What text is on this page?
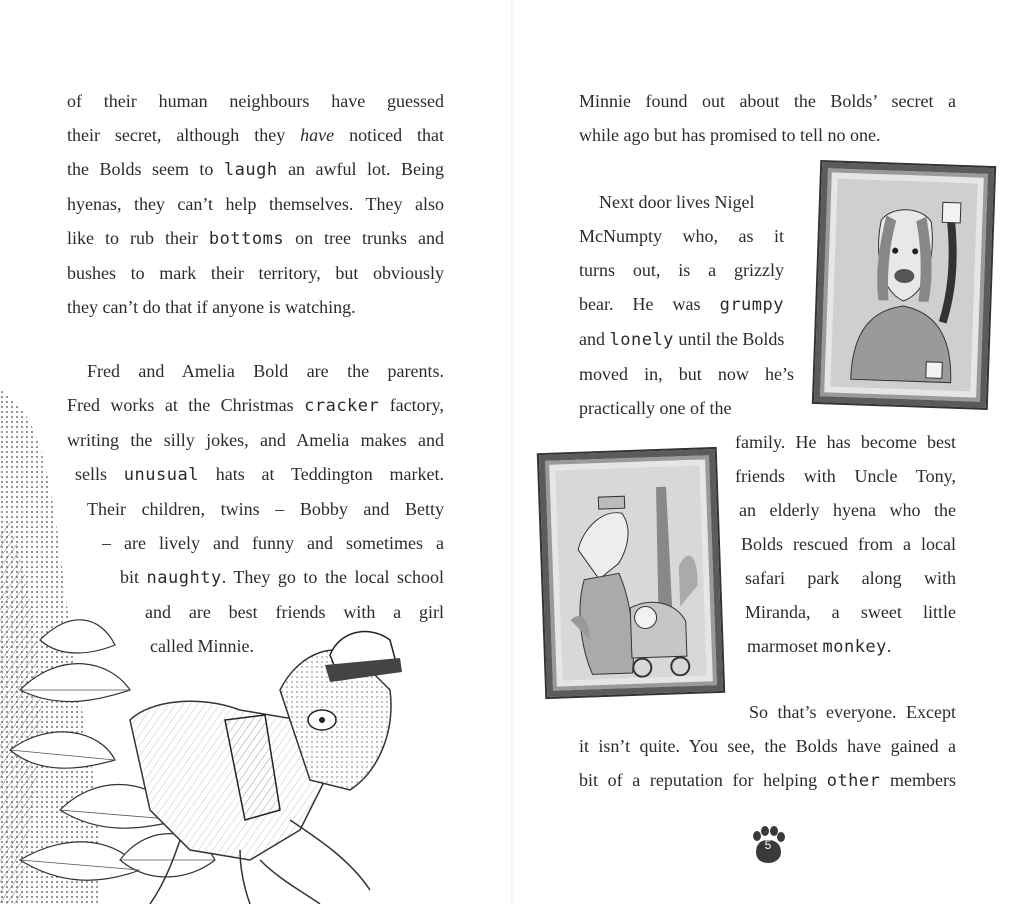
of their human neighbours have guessed
their secret, although they have noticed that
the Bolds seem to laugh an awful lot. Being
hyenas, they can’t help themselves. They also
like to rub their bottoms on tree trunks and
bushes to mark their territory, but obviously
they can’t do that if anyone is watching.
Fred and Amelia Bold are the parents.
Fred works at the Christmas cracker factory,
writing the silly jokes, and Amelia makes and
sells unusual hats at Teddington market.
Their children, twins – Bobby and Betty
– are lively and funny and sometimes a
bit naughty. They go to the local school
and are best friends with a girl
called Minnie.
Minnie found out about the Bolds’ secret a
while ago but has promised to tell no one.
Next door lives Nigel
McNumpty who, as it
turns out, is a grizzly
bear. He was grumpy
and lonely until the Bolds
moved in, but now he’s
practically one of the
family. He has become best
friends with Uncle Tony,
an elderly hyena who the
Bolds rescued from a local
safari park along with
Miranda, a sweet little
marmoset monkey.
So that’s everyone. Except
it isn’t quite. You see, the Bolds have gained a
bit of a reputation for helping other members
5
